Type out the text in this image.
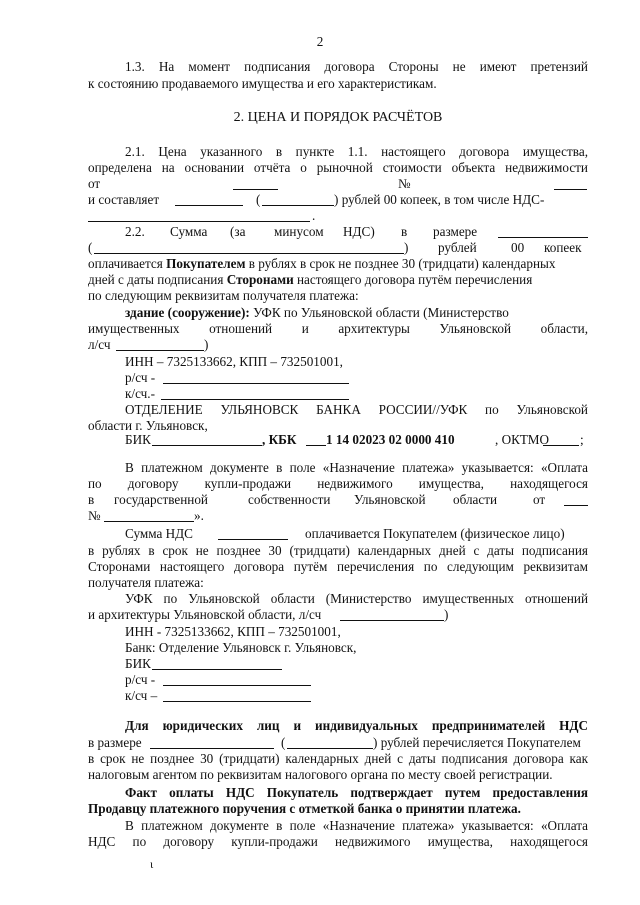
2
1.3. На момент подписания договора Стороны не имеют претензий
к состоянию продаваемого имущества и его характеристикам.
2. ЦЕНА И ПОРЯДОК РАСЧЁТОВ
2.1. Цена указанного в пункте 1.1. настоящего договора имущества,
определена на основании отчёта о рыночной стоимости объекта недвижимости
от	№
и составляет	(	) рублей 00 копеек, в том числе НДС-
.
2.2. Сумма (за минусом НДС) в размере
(	) рублей	00 копеек
оплачивается Покупателем в рублях в срок не позднее 30 (тридцати) календарных
дней с даты подписания Сторонами настоящего договора путём перечисления
по следующим реквизитам получателя платежа:
здание (сооружение): УФК по Ульяновской области (Министерство
имущественных отношений и архитектуры Ульяновской области,
л/сч	)
ИНН – 7325133662, КПП – 732501001,
р/сч -
к/сч.-
ОТДЕЛЕНИЕ УЛЬЯНОВСК БАНКА РОССИИ//УФК по Ульяновской
области г. Ульяновск,
БИК	, КБК 1 14 02023 02 0000 410	, ОКТМО ;
В платежном документе в поле «Назначение платежа» указывается: «Оплата
по договору купли-продажи недвижимого имущества, находящегося
в государственной	собственности Ульяновской области	от
№	».
Сумма НДС	оплачивается Покупателем (физическое лицо)
в рублях в срок не позднее 30 (тридцати) календарных дней с даты подписания
Сторонами настоящего договора путём перечисления по следующим реквизитам
получателя платежа:
УФК по Ульяновской области (Министерство имущественных отношений
и архитектуры Ульяновской области, л/сч	)
ИНН - 7325133662, КПП – 732501001,
Банк: Отделение Ульяновск г. Ульяновск,
БИК
р/сч -
к/сч –
Для юридических лиц и индивидуальных предпринимателей НДС
в размере	(	) рублей перечисляется Покупателем
в срок не позднее 30 (тридцати) календарных дней с даты подписания договора как
налоговым агентом по реквизитам налогового органа по месту своей регистрации.
Факт оплаты НДС Покупатель подтверждает путем предоставления
Продавцу платежного поручения с отметкой банка о принятии платежа.
В платежном документе в поле «Назначение платежа» указывается: «Оплата
НДС по договору купли-продажи недвижимого имущества, находящегося
ι
